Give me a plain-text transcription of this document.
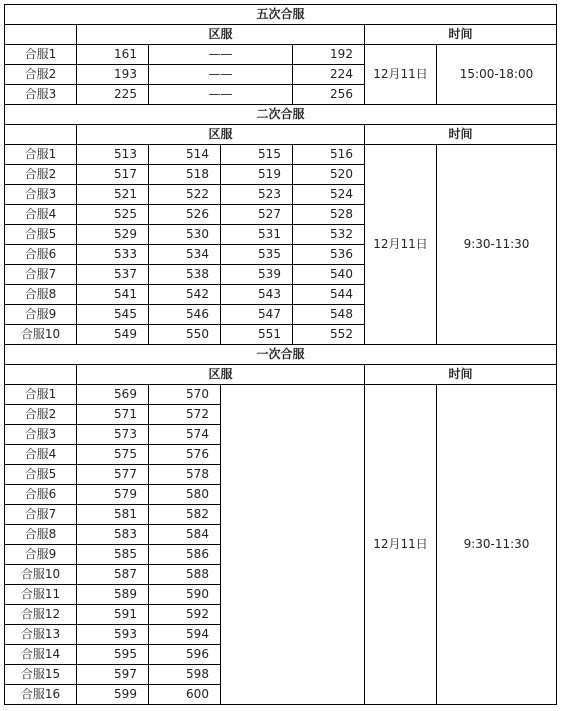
五次合服						
	区服				时间	
合服1	161	——		192	12月11日	15:00-18:00
合服2	193	——		224		
合服3	225	——		256		
二次合服						
	区服				时间	
合服1	513	514	515	516	12月11日	9:30-11:30
合服2	517	518	519	520		
合服3	521	522	523	524		
合服4	525	526	527	528		
合服5	529	530	531	532		
合服6	533	534	535	536		
合服7	537	538	539	540		
合服8	541	542	543	544		
合服9	545	546	547	548		
合服10	549	550	551	552		
一次合服						
	区服				时间	
合服1	569	570			12月11日	9:30-11:30
合服2	571	572				
合服3	573	574				
合服4	575	576				
合服5	577	578				
合服6	579	580				
合服7	581	582				
合服8	583	584				
合服9	585	586				
合服10	587	588				
合服11	589	590				
合服12	591	592				
合服13	593	594				
合服14	595	596				
合服15	597	598				
合服16	599	600				
